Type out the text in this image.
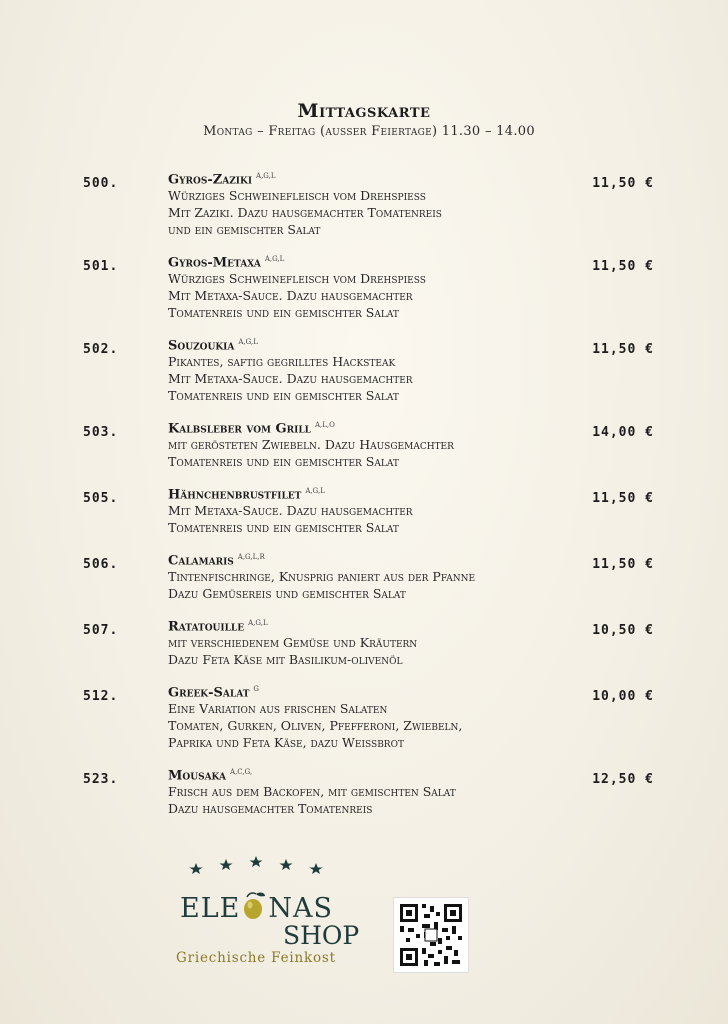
Mittagskarte
Montag – Freitag (ausser Feiertage) 11.30 – 14.00
500.	Gyros-Zaziki $^{A,G,L}$
Würziges Schweinefleisch vom Drehspiess
Mit Zaziki. Dazu hausgemachter Tomatenreis
und ein gemischter Salat
11,50 €
501.	Gyros-Metaxa $^{A,G,L}$
Würziges Schweinefleisch vom Drehspiess
Mit Metaxa-Sauce. Dazu hausgemachter
Tomatenreis und ein gemischter Salat
11,50 €
502.	Souzoukia $^{A,G,L}$
Pikantes, saftig gegrilltes Hacksteak
Mit Metaxa-Sauce. Dazu hausgemachter
Tomatenreis und ein gemischter Salat
11,50 €
503.	Kalbsleber vom Grill $^{A,L,O}$
mit gerösteten Zwiebeln. Dazu Hausgemachter
Tomatenreis und ein gemischter Salat
14,00 €
505.	Hähnchenbrustfilet $^{A,G,L}$
Mit Metaxa-Sauce. Dazu hausgemachter
Tomatenreis und ein gemischter Salat
11,50 €
506.	Calamaris $^{A,G,L,R}$
Tintenfischringe, Knusprig paniert aus der Pfanne
Dazu Gemüsereis und gemischter Salat
11,50 €
507.	Ratatouille $^{A,G,L}$
mit verschiedenem Gemüse und Kräutern
Dazu Feta Käse mit Basilikum-olivenöl
10,50 €
512.	Greek-Salat $^G$
Eine Variation aus frischen Salaten
Tomaten, Gurken, Oliven, Pfefferoni, Zwiebeln,
Paprika und Feta Käse, dazu Weissbrot
10,00 €
523.	Mousaka $^{A,C,G,}$
Frisch aus dem Backofen, mit gemischten Salat
Dazu hausgemachter Tomatenreis
12,50 €
ELE NAS
SHOP
Griechische Feinkost
